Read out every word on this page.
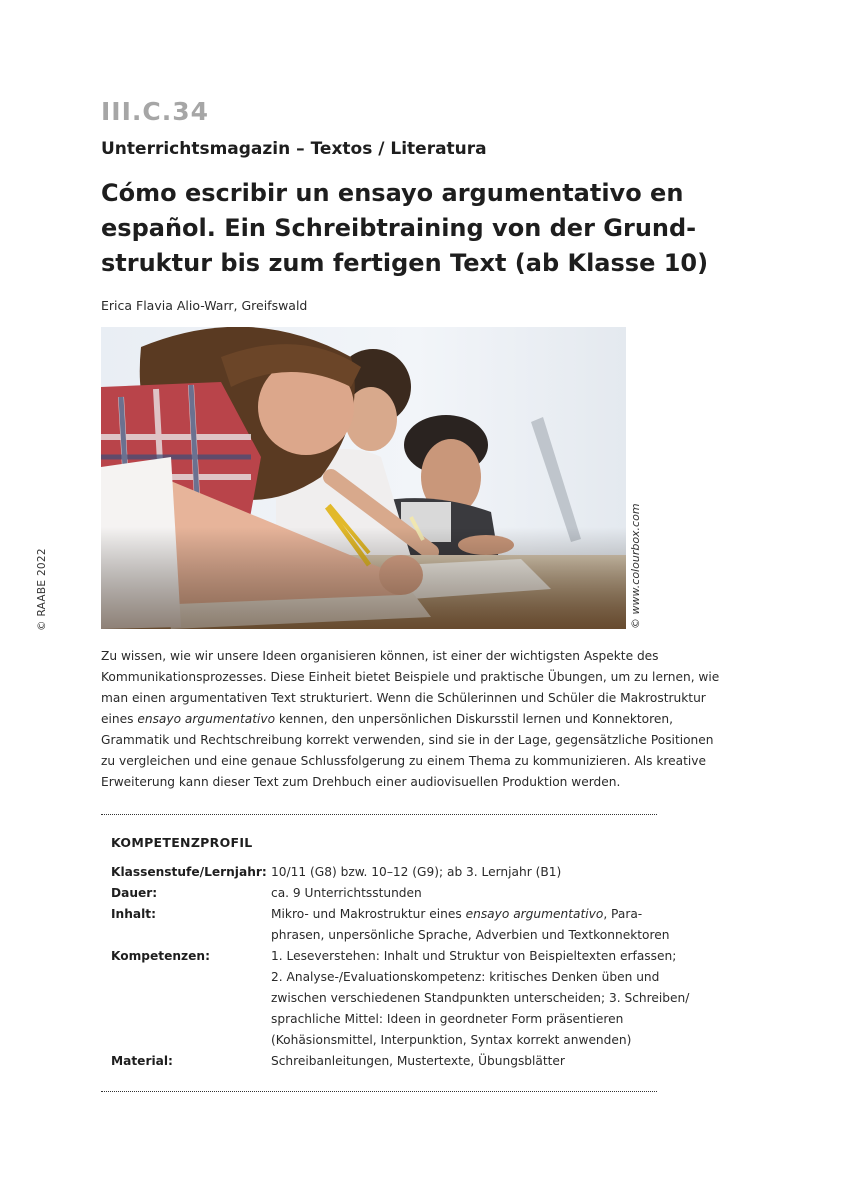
III.C.34
Unterrichtsmagazin – Textos / Literatura
Cómo escribir un ensayo argumentativo en
español. Ein Schreibtraining von der Grund-
struktur bis zum fertigen Text (ab Klasse 10)
Erica Flavia Alio-Warr, Greifswald
© www.colourbox.com
© RAABE 2022
Zu wissen, wie wir unsere Ideen organisieren können, ist einer der wichtigsten Aspekte des
Kommunikationsprozesses. Diese Einheit bietet Beispiele und praktische Übungen, um zu lernen, wie
man einen argumentativen Text strukturiert. Wenn die Schülerinnen und Schüler die Makrostruktur
eines ensayo argumentativo kennen, den unpersönlichen Diskursstil lernen und Konnektoren,
Grammatik und Rechtschreibung korrekt verwenden, sind sie in der Lage, gegensätzliche Positionen
zu vergleichen und eine genaue Schlussfolgerung zu einem Thema zu kommunizieren. Als kreative
Erweiterung kann dieser Text zum Drehbuch einer audiovisuellen Produktion werden.
KOMPETENZPROFIL
Klassenstufe/Lernjahr: 10/11 (G8) bzw. 10–12 (G9); ab 3. Lernjahr (B1)
Dauer:	ca. 9 Unterrichtsstunden
Inhalt:	Mikro- und Makrostruktur eines ensayo argumentativo, Para-
phrasen, unpersönliche Sprache, Adverbien und Textkonnektoren
Kompetenzen:	1. Leseverstehen: Inhalt und Struktur von Beispieltexten erfassen;
2. Analyse-/Evaluationskompetenz: kritisches Denken üben und
zwischen verschiedenen Standpunkten unterscheiden; 3. Schreiben/
sprachliche Mittel: Ideen in geordneter Form präsentieren
(Kohäsionsmittel, Interpunktion, Syntax korrekt anwenden)
Material:	Schreibanleitungen, Mustertexte, Übungsblätter
